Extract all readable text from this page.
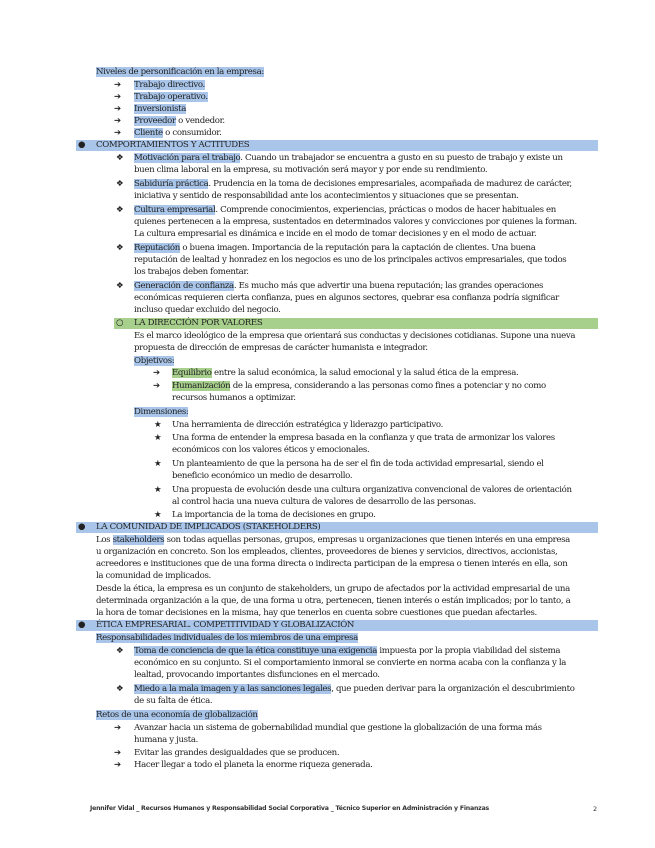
Niveles de personificación en la empresa:
➔ Trabajo directivo.
➔ Trabajo operativo.
➔ Inversionista
➔ Proveedor o vendedor.
➔ Cliente o consumidor.
● COMPORTAMIENTOS Y ACTITUDES
❖ Motivación para el trabajo. Cuando un trabajador se encuentra a gusto en su puesto de trabajo y existe un
buen clima laboral en la empresa, su motivación será mayor y por ende su rendimiento.
❖ Sabiduría práctica. Prudencia en la toma de decisiones empresariales, acompañada de madurez de carácter,
iniciativa y sentido de responsabilidad ante los acontecimientos y situaciones que se presentan.
❖ Cultura empresarial. Comprende conocimientos, experiencias, prácticas o modos de hacer habituales en
quienes pertenecen a la empresa, sustentados en determinados valores y convicciones por quienes la forman.
La cultura empresarial es dinámica e incide en el modo de tomar decisiones y en el modo de actuar.
❖ Reputación o buena imagen. Importancia de la reputación para la captación de clientes. Una buena
reputación de lealtad y honradez en los negocios es uno de los principales activos empresariales, que todos
los trabajos deben fomentar.
❖ Generación de confianza. Es mucho más que advertir una buena reputación; las grandes operaciones
económicas requieren cierta confianza, pues en algunos sectores, quebrar esa confianza podría significar
incluso quedar excluido del negocio.
○ LA DIRECCIÓN POR VALORES
Es el marco ideológico de la empresa que orientará sus conductas y decisiones cotidianas. Supone una nueva
propuesta de dirección de empresas de carácter humanista e integrador.
Objetivos:
➔ Equilibrio entre la salud económica, la salud emocional y la salud ética de la empresa.
➔ Humanización de la empresa, considerando a las personas como fines a potenciar y no como
recursos humanos a optimizar.
Dimensiones:
★ Una herramienta de dirección estratégica y liderazgo participativo.
★ Una forma de entender la empresa basada en la confianza y que trata de armonizar los valores
económicos con los valores éticos y emocionales.
★ Un planteamiento de que la persona ha de ser el fin de toda actividad empresarial, siendo el
beneficio económico un medio de desarrollo.
★ Una propuesta de evolución desde una cultura organizativa convencional de valores de orientación
al control hacia una nueva cultura de valores de desarrollo de las personas.
★ La importancia de la toma de decisiones en grupo.
● LA COMUNIDAD DE IMPLICADOS (STAKEHOLDERS)
Los stakeholders son todas aquellas personas, grupos, empresas u organizaciones que tienen interés en una empresa
u organización en concreto. Son los empleados, clientes, proveedores de bienes y servicios, directivos, accionistas,
acreedores e instituciones que de una forma directa o indirecta participan de la empresa o tienen interés en ella, son
la comunidad de implicados.
Desde la ética, la empresa es un conjunto de stakeholders, un grupo de afectados por la actividad empresarial de una
determinada organización a la que, de una forma u otra, pertenecen, tienen interés o están implicados; por lo tanto, a
la hora de tomar decisiones en la misma, hay que tenerlos en cuenta sobre cuestiones que puedan afectarles.
● ÉTICA EMPRESARIAL. COMPETITIVIDAD Y GLOBALIZACIÓN
Responsabilidades individuales de los miembros de una empresa
❖ Toma de conciencia de que la ética constituye una exigencia impuesta por la propia viabilidad del sistema
económico en su conjunto. Si el comportamiento inmoral se convierte en norma acaba con la confianza y la
lealtad, provocando importantes disfunciones en el mercado.
❖ Miedo a la mala imagen y a las sanciones legales, que pueden derivar para la organización el descubrimiento
de su falta de ética.
Retos de una economía de globalización
➔ Avanzar hacia un sistema de gobernabilidad mundial que gestione la globalización de una forma más
humana y justa.
➔ Evitar las grandes desigualdades que se producen.
➔ Hacer llegar a todo el planeta la enorme riqueza generada.
Jennifer Vidal _ Recursos Humanos y Responsabilidad Social Corporativa _ Técnico Superior en Administración y Finanzas	2
